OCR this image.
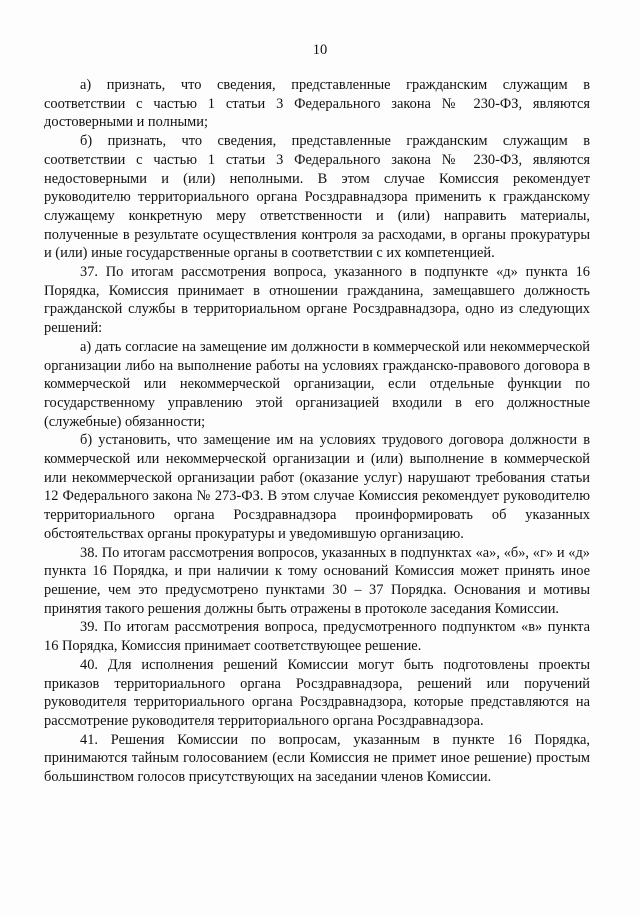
10

а) признать, что сведения, представленные гражданским служащим в соответствии с частью 1 статьи 3 Федерального закона № 230-ФЗ, являются достоверными и полными;

б) признать, что сведения, представленные гражданским служащим в соответствии с частью 1 статьи 3 Федерального закона № 230-ФЗ, являются недостоверными и (или) неполными. В этом случае Комиссия рекомендует руководителю территориального органа Росздравнадзора применить к гражданскому служащему конкретную меру ответственности и (или) направить материалы, полученные в результате осуществления контроля за расходами, в органы прокуратуры и (или) иные государственные органы в соответствии с их компетенцией.

37. По итогам рассмотрения вопроса, указанного в подпункте «д» пункта 16 Порядка, Комиссия принимает в отношении гражданина, замещавшего должность гражданской службы в территориальном органе Росздравнадзора, одно из следующих решений:

а) дать согласие на замещение им должности в коммерческой или некоммерческой организации либо на выполнение работы на условиях гражданско-правового договора в коммерческой или некоммерческой организации, если отдельные функции по государственному управлению этой организацией входили в его должностные (служебные) обязанности;

б) установить, что замещение им на условиях трудового договора должности в коммерческой или некоммерческой организации и (или) выполнение в коммерческой или некоммерческой организации работ (оказание услуг) нарушают требования статьи 12 Федерального закона № 273-ФЗ. В этом случае Комиссия рекомендует руководителю территориального органа Росздравнадзора проинформировать об указанных обстоятельствах органы прокуратуры и уведомившую организацию.

38. По итогам рассмотрения вопросов, указанных в подпунктах «а», «б», «г» и «д» пункта 16 Порядка, и при наличии к тому оснований Комиссия может принять иное решение, чем это предусмотрено пунктами 30 – 37 Порядка. Основания и мотивы принятия такого решения должны быть отражены в протоколе заседания Комиссии.

39. По итогам рассмотрения вопроса, предусмотренного подпунктом «в» пункта 16 Порядка, Комиссия принимает соответствующее решение.

40. Для исполнения решений Комиссии могут быть подготовлены проекты приказов территориального органа Росздравнадзора, решений или поручений руководителя территориального органа Росздравнадзора, которые представляются на рассмотрение руководителя территориального органа Росздравнадзора.

41. Решения Комиссии по вопросам, указанным в пункте 16 Порядка, принимаются тайным голосованием (если Комиссия не примет иное решение) простым большинством голосов присутствующих на заседании членов Комиссии.
